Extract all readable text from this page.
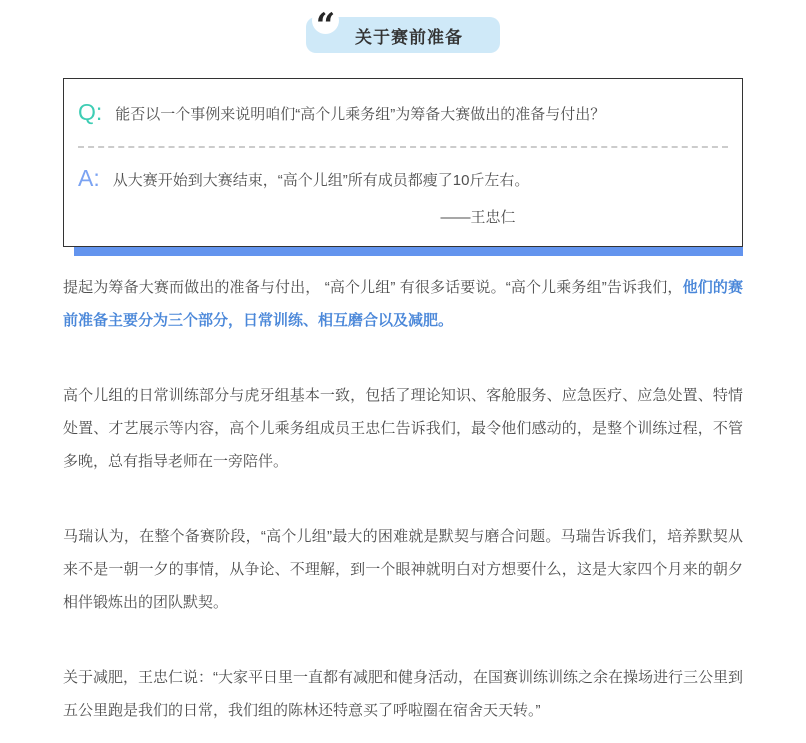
“ 关于赛前准备
Q: 能否以一个事例来说明咱们“高个儿乘务组”为筹备大赛做出的准备与付出？

A: 从大赛开始到大赛结束，“高个儿组”所有成员都瘦了10斤左右。

——王忠仁

提起为筹备大赛而做出的准备与付出， “高个儿组” 有很多话要说。“高个儿乘务组”告诉我们，他们的赛前准备主要分为三个部分，日常训练、相互磨合以及减肥。

高个儿组的日常训练部分与虎牙组基本一致，包括了理论知识、客舱服务、应急医疗、应急处置、特情处置、才艺展示等内容，高个儿乘务组成员王忠仁告诉我们，最令他们感动的，是整个训练过程，不管多晚，总有指导老师在一旁陪伴。

马瑞认为，在整个备赛阶段，“高个儿组”最大的困难就是默契与磨合问题。马瑞告诉我们，培养默契从来不是一朝一夕的事情，从争论、不理解，到一个眼神就明白对方想要什么，这是大家四个月来的朝夕相伴锻炼出的团队默契。

关于减肥，王忠仁说：“大家平日里一直都有减肥和健身活动，在国赛训练训练之余在操场进行三公里到五公里跑是我们的日常，我们组的陈林还特意买了呼啦圈在宿舍天天转。”
